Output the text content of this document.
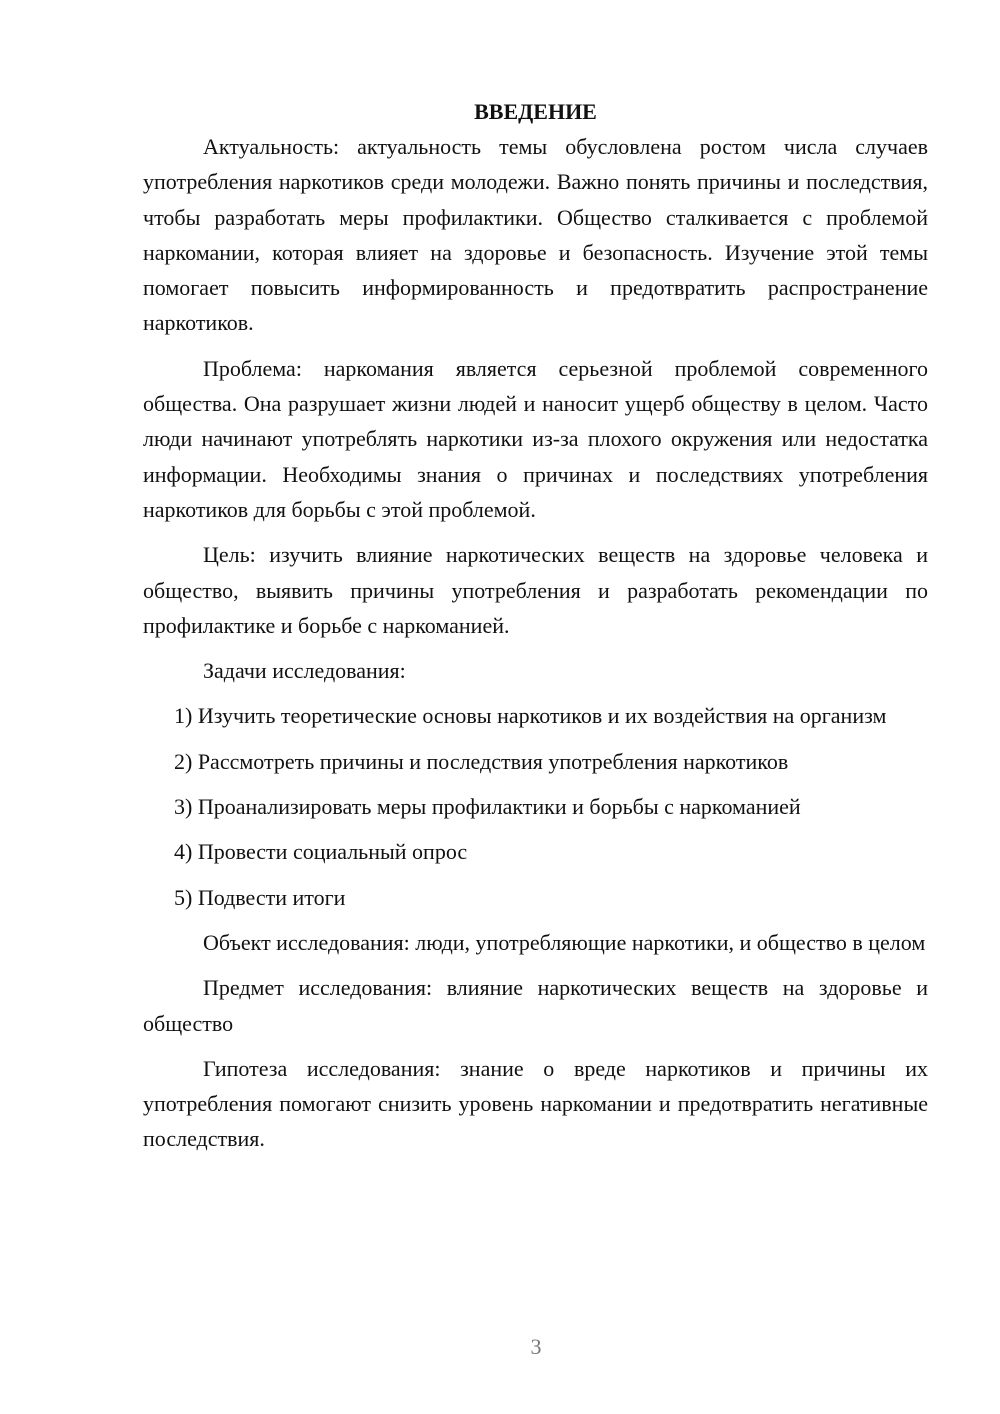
ВВЕДЕНИЕ

Актуальность: актуальность темы обусловлена ростом числа случаев употребления наркотиков среди молодежи. Важно понять причины и последствия, чтобы разработать меры профилактики. Общество сталкивается с проблемой наркомании, которая влияет на здоровье и безопасность. Изучение этой темы помогает повысить информированность и предотвратить распространение наркотиков.

Проблема: наркомания является серьезной проблемой современного общества. Она разрушает жизни людей и наносит ущерб обществу в целом. Часто люди начинают употреблять наркотики из-за плохого окружения или недостатка информации. Необходимы знания о причинах и последствиях употребления наркотиков для борьбы с этой проблемой.

Цель: изучить влияние наркотических веществ на здоровье человека и общество, выявить причины употребления и разработать рекомендации по профилактике и борьбе с наркоманией.

Задачи исследования:

1) Изучить теоретические основы наркотиков и их воздействия на организм

2) Рассмотреть причины и последствия употребления наркотиков

3) Проанализировать меры профилактики и борьбы с наркоманией

4) Провести социальный опрос

5) Подвести итоги

Объект исследования: люди, употребляющие наркотики, и общество в целом

Предмет исследования: влияние наркотических веществ на здоровье и общество

Гипотеза исследования: знание о вреде наркотиков и причины их употребления помогают снизить уровень наркомании и предотвратить негативные последствия.

3
